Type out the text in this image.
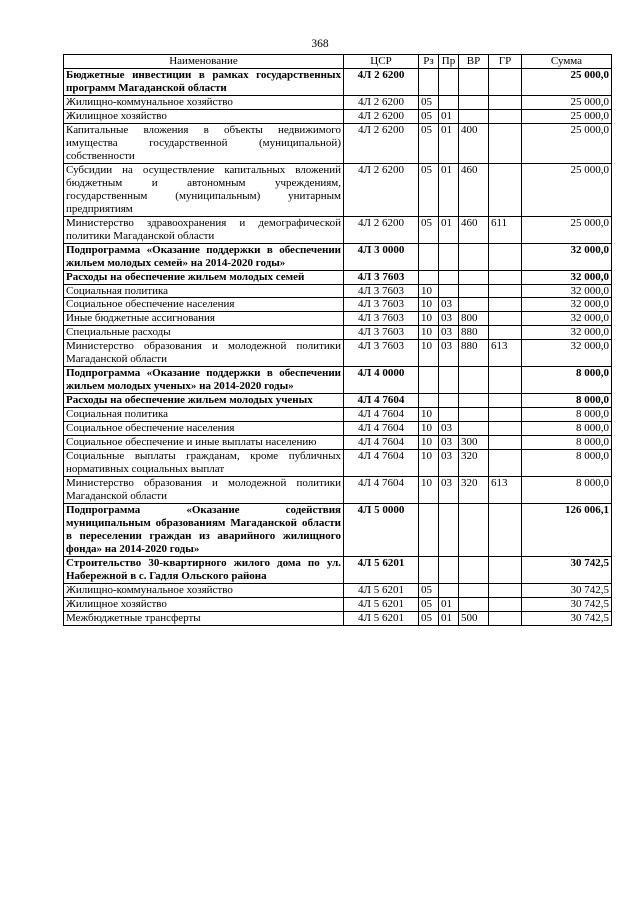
368
Наименование	ЦСР	Рз	Пр	ВР	ГР	Сумма
Бюджетные инвестиции в рамках государственных программ Магаданской области	4Л 2 6200					25 000,0
Жилищно-коммунальное хозяйство	4Л 2 6200	05				25 000,0
Жилищное хозяйство	4Л 2 6200	05	01			25 000,0
Капитальные вложения в объекты недвижимого имущества государственной (муниципальной) собственности	4Л 2 6200	05	01	400		25 000,0
Субсидии на осуществление капитальных вложений бюджетным и автономным учреждениям, государственным (муниципальным) унитарным предприятиям	4Л 2 6200	05	01	460		25 000,0
Министерство здравоохранения и демографической политики Магаданской области	4Л 2 6200	05	01	460	611	25 000,0
Подпрограмма «Оказание поддержки в обеспечении жильем молодых семей» на 2014-2020 годы»	4Л 3 0000					32 000,0
Расходы на обеспечение жильем молодых семей	4Л 3 7603					32 000,0
Социальная политика	4Л 3 7603	10				32 000,0
Социальное обеспечение населения	4Л 3 7603	10	03			32 000,0
Иные бюджетные ассигнования	4Л 3 7603	10	03	800		32 000,0
Специальные расходы	4Л 3 7603	10	03	880		32 000,0
Министерство образования и молодежной политики Магаданской области	4Л 3 7603	10	03	880	613	32 000,0
Подпрограмма «Оказание поддержки в обеспечении жильем молодых ученых» на 2014-2020 годы»	4Л 4 0000					8 000,0
Расходы на обеспечение жильем молодых ученых	4Л 4 7604					8 000,0
Социальная политика	4Л 4 7604	10				8 000,0
Социальное обеспечение населения	4Л 4 7604	10	03			8 000,0
Социальное обеспечение и иные выплаты населению	4Л 4 7604	10	03	300		8 000,0
Социальные выплаты гражданам, кроме публичных нормативных социальных выплат	4Л 4 7604	10	03	320		8 000,0
Министерство образования и молодежной политики Магаданской области	4Л 4 7604	10	03	320	613	8 000,0
Подпрограмма «Оказание содействия муниципальным образованиям Магаданской области в переселении граждан из аварийного жилищного фонда» на 2014-2020 годы»	4Л 5 0000					126 006,1
Строительство 30-квартирного жилого дома по ул. Набережной в с. Гадля Ольского района	4Л 5 6201					30 742,5
Жилищно-коммунальное хозяйство	4Л 5 6201	05				30 742,5
Жилищное хозяйство	4Л 5 6201	05	01			30 742,5
Межбюджетные трансферты	4Л 5 6201	05	01	500		30 742,5
